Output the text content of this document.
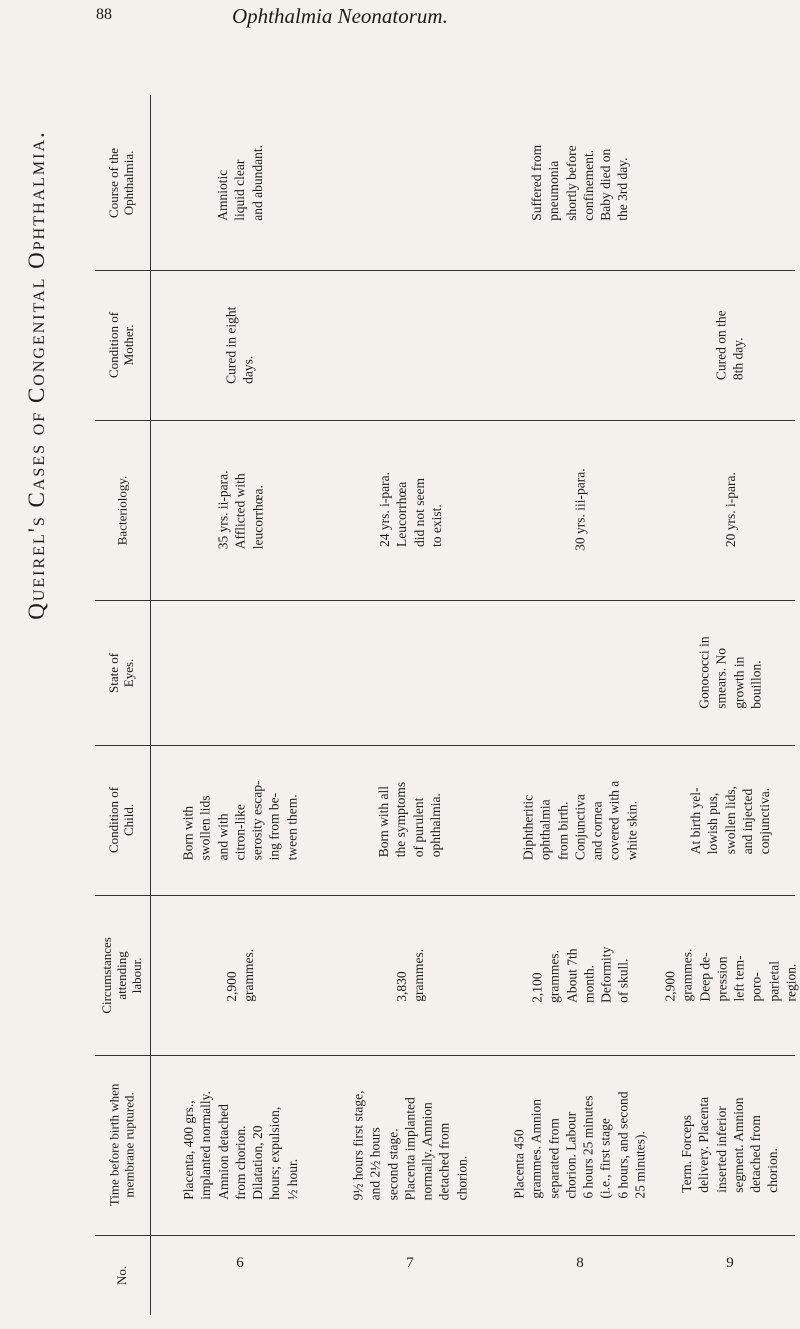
88	Ophthalmia Neonatorum.
Queirel's Cases of Congenital Ophthalmia.
No.
Time before birth when
membrane ruptured.
Circumstances
attending
labour.
Condition of
Child.
State of
Eyes.
Bacteriology.
Condition of
Mother.
Course of the
Ophthalmia.
6
Placenta, 400 grs.,
implanted normally.
Amnion detached
from chorion.
Dilatation, 20
hours; expulsion,
½ hour.
2,900
grammes.
Born with
swollen lids
and with
citron-like
serosity escap-
ing from be-
tween them.
35 yrs. ii-para.
Afflicted with
leucorrhœa.
Cured in eight
days.
Amniotic
liquid clear
and abundant.
7
9½ hours first stage,
and 2½ hours
second stage.
Placenta implanted
normally. Amnion
detached from
chorion.
3,830
grammes.
Born with all
the symptoms
of purulent
ophthalmia.
24 yrs. i-para.
Leucorrhœa
did not seem
to exist.
8
Placenta 450
grammes. Amnion
separated from
chorion. Labour
6 hours 25 minutes
(i.e., first stage
6 hours, and second
25 minutes).
2,100
grammes.
About 7th
month.
Deformity
of skull.
Diphtheritic
ophthalmia
from birth.
Conjunctiva
and cornea
covered with a
white skin.
30 yrs. iii-para.
Suffered from
pneumonia
shortly before
confinement.
Baby died on
the 3rd day.
9
Term. Forceps
delivery. Placenta
inserted inferior
segment. Amnion
detached from
chorion.
2,900
grammes.
Deep de-
pression
left tem-
poro-
parietal
region.
At birth yel-
lowish pus,
swollen lids,
and injected
conjunctiva.
Gonococci in
smears. No
growth in
bouillon.
20 yrs. i-para.
Cured on the
8th day.
